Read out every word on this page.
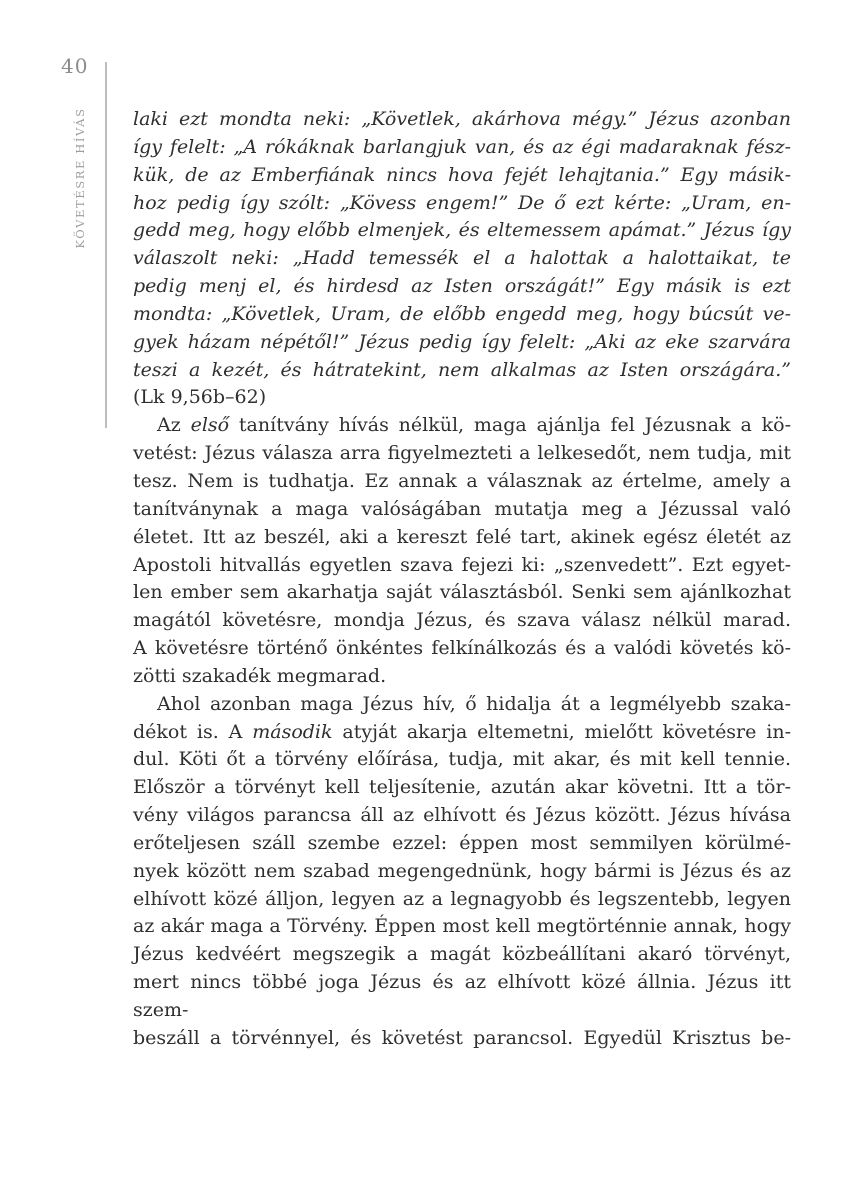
40
KÖVETÉSRE HÍVÁS laki ezt mondta neki: „Követlek, akárhova mégy.” Jézus azonban
így felelt: „A rókáknak barlangjuk van, és az égi madaraknak fész-
kük, de az Emberfiának nincs hova fejét lehajtania.” Egy másik-
hoz pedig így szólt: „Kövess engem!” De ő ezt kérte: „Uram, en-
gedd meg, hogy előbb elmenjek, és eltemessem apámat.” Jézus így
válaszolt neki: „Hadd temessék el a halottak a halottaikat, te
pedig menj el, és hirdesd az Isten országát!” Egy másik is ezt
mondta: „Követlek, Uram, de előbb engedd meg, hogy búcsút ve-
gyek házam népétől!” Jézus pedig így felelt: „Aki az eke szarvára
teszi a kezét, és hátratekint, nem alkalmas az Isten országára.”
(Lk 9,56b–62)
Az első tanítvány hívás nélkül, maga ajánlja fel Jézusnak a kö-
vetést: Jézus válasza arra figyelmezteti a lelkesedőt, nem tudja, mit
tesz. Nem is tudhatja. Ez annak a válasznak az értelme, amely a
tanítványnak a maga valóságában mutatja meg a Jézussal való
életet. Itt az beszél, aki a kereszt felé tart, akinek egész életét az
Apostoli hitvallás egyetlen szava fejezi ki: „szenvedett”. Ezt egyet-
len ember sem akarhatja saját választásból. Senki sem ajánlkozhat
magától követésre, mondja Jézus, és szava válasz nélkül marad.
A követésre történő önkéntes felkínálkozás és a valódi követés kö-
zötti szakadék megmarad.
Ahol azonban maga Jézus hív, ő hidalja át a legmélyebb szaka-
dékot is. A második atyját akarja eltemetni, mielőtt követésre in-
dul. Köti őt a törvény előírása, tudja, mit akar, és mit kell tennie.
Először a törvényt kell teljesítenie, azután akar követni. Itt a tör-
vény világos parancsa áll az elhívott és Jézus között. Jézus hívása
erőteljesen száll szembe ezzel: éppen most semmilyen körülmé-
nyek között nem szabad megengednünk, hogy bármi is Jézus és az
elhívott közé álljon, legyen az a legnagyobb és legszentebb, legyen
az akár maga a Törvény. Éppen most kell megtörténnie annak, hogy
Jézus kedvéért megszegik a magát közbeállítani akaró törvényt,
mert nincs többé joga Jézus és az elhívott közé állnia. Jézus itt szem-
beszáll a törvénnyel, és követést parancsol. Egyedül Krisztus be-
